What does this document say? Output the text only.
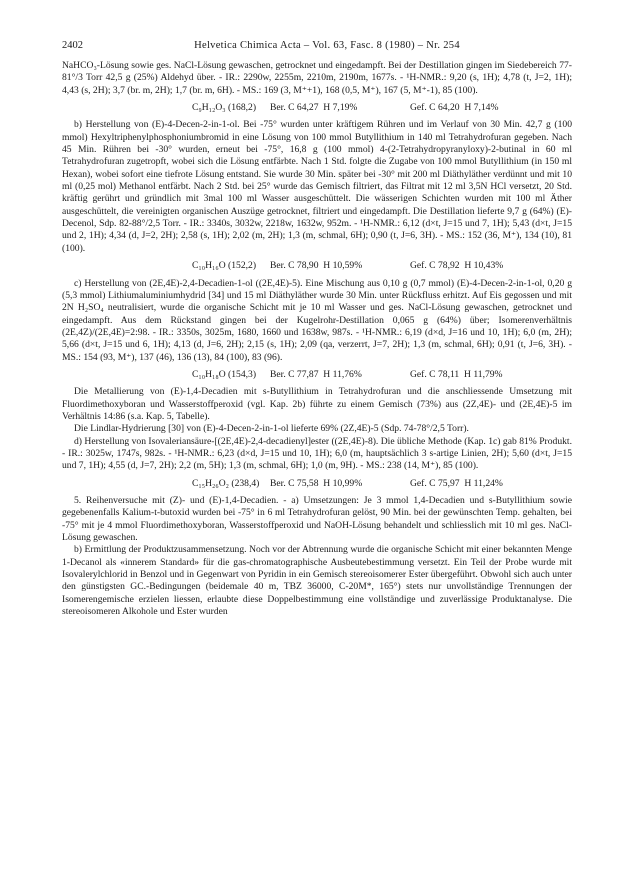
2402	Helvetica Chimica Acta – Vol. 63, Fasc. 8 (1980) – Nr. 254

NaHCO₃-Lösung sowie ges. NaCl-Lösung gewaschen, getrocknet und eingedampft. Bei der Destillation gingen im Siedebereich 77-81°/3 Torr 42,5 g (25%) Aldehyd über. - IR.: 2290w, 2255m, 2210m, 2190m, 1677s. - ¹H-NMR.: 9,20 (s, 1H); 4,78 (t, J=2, 1H); 4,43 (s, 2H); 3,7 (br. m, 2H); 1,7 (br. m, 6H). - MS.: 169 (3, M⁺+1), 168 (0,5, M⁺), 167 (5, M⁺-1), 85 (100).

C₉H₁₂O₃ (168,2) Ber. C 64,27  H 7,19%	Gef. C 64,20  H 7,14%

b) Herstellung von (E)-4-Decen-2-in-1-ol. Bei -75° wurden unter kräftigem Rühren und im Verlauf von 30 Min. 42,7 g (100 mmol) Hexyltriphenylphosphoniumbromid in eine Lösung von 100 mmol Butyllithium in 140 ml Tetrahydrofuran gegeben. Nach 45 Min. Rühren bei -30° wurden, erneut bei -75°, 16,8 g (100 mmol) 4-(2-Tetrahydropyranyloxy)-2-butinal in 60 ml Tetrahydrofuran zugetropft, wobei sich die Lösung entfärbte. Nach 1 Std. folgte die Zugabe von 100 mmol Butyllithium (in 150 ml Hexan), wobei sofort eine tiefrote Lösung entstand. Sie wurde 30 Min. später bei -30° mit 200 ml Diäthyläther verdünnt und mit 10 ml (0,25 mol) Methanol entfärbt. Nach 2 Std. bei 25° wurde das Gemisch filtriert, das Filtrat mit 12 ml 3,5N HCl versetzt, 20 Std. kräftig gerührt und gründlich mit 3mal 100 ml Wasser ausgeschüttelt. Die wässerigen Schichten wurden mit 100 ml Äther ausgeschüttelt, die vereinigten organischen Auszüge getrocknet, filtriert und eingedampft. Die Destillation lieferte 9,7 g (64%) (E)-Decenol, Sdp. 82-88°/2,5 Torr. - IR.: 3340s, 3032w, 2218w, 1632w, 952m. - ¹H-NMR.: 6,12 (d×t, J=15 und 7, 1H); 5,43 (d×t, J=15 und 2, 1H); 4,34 (d, J=2, 2H); 2,58 (s, 1H); 2,02 (m, 2H); 1,3 (m, schmal, 6H); 0,90 (t, J=6, 3H). - MS.: 152 (36, M⁺), 134 (10), 81 (100).

C₁₀H₁₆O (152,2) Ber. C 78,90  H 10,59%	Gef. C 78,92  H 10,43%

c) Herstellung von (2E,4E)-2,4-Decadien-1-ol ((2E,4E)-5). Eine Mischung aus 0,10 g (0,7 mmol) (E)-4-Decen-2-in-1-ol, 0,20 g (5,3 mmol) Lithiumaluminiumhydrid [34] und 15 ml Diäthyläther wurde 30 Min. unter Rückfluss erhitzt. Auf Eis gegossen und mit 2N H₂SO₄ neutralisiert, wurde die organische Schicht mit je 10 ml Wasser und ges. NaCl-Lösung gewaschen, getrocknet und eingedampft. Aus dem Rückstand gingen bei der Kugelrohr-Destillation 0,065 g (64%) über; Isomerenverhältnis (2E,4Z)/(2E,4E)=2:98. - IR.: 3350s, 3025m, 1680, 1660 und 1638w, 987s. - ¹H-NMR.: 6,19 (d×d, J=16 und 10, 1H); 6,0 (m, 2H); 5,66 (d×t, J=15 und 6, 1H); 4,13 (d, J=6, 2H); 2,15 (s, 1H); 2,09 (qa, verzerrt, J=7, 2H); 1,3 (m, schmal, 6H); 0,91 (t, J=6, 3H). - MS.: 154 (93, M⁺), 137 (46), 136 (13), 84 (100), 83 (96).

C₁₀H₁₈O (154,3) Ber. C 77,87  H 11,76%	Gef. C 78,11  H 11,79%

Die Metallierung von (E)-1,4-Decadien mit s-Butyllithium in Tetrahydrofuran und die anschliessende Umsetzung mit Fluordimethoxyboran und Wasserstoffperoxid (vgl. Kap. 2b) führte zu einem Gemisch (73%) aus (2Z,4E)- und (2E,4E)-5 im Verhältnis 14:86 (s.a. Kap. 5, Tabelle).

Die Lindlar-Hydrierung [30] von (E)-4-Decen-2-in-1-ol lieferte 69% (2Z,4E)-5 (Sdp. 74-78°/2,5 Torr).

d) Herstellung von Isovaleriansäure-[(2E,4E)-2,4-decadienyl]ester ((2E,4E)-8). Die übliche Methode (Kap. 1c) gab 81% Produkt. - IR.: 3025w, 1747s, 982s. - ¹H-NMR.: 6,23 (d×d, J=15 und 10, 1H); 6,0 (m, hauptsächlich 3 s-artige Linien, 2H); 5,60 (d×t, J=15 und 7, 1H); 4,55 (d, J=7, 2H); 2,2 (m, 5H); 1,3 (m, schmal, 6H); 1,0 (m, 9H). - MS.: 238 (14, M⁺), 85 (100).

C₁₅H₂₆O₂ (238,4) Ber. C 75,58  H 10,99%	Gef. C 75,97  H 11,24%

5. Reihenversuche mit (Z)- und (E)-1,4-Decadien. - a) Umsetzungen: Je 3 mmol 1,4-Decadien und s-Butyllithium sowie gegebenenfalls Kalium-t-butoxid wurden bei -75° in 6 ml Tetrahydrofuran gelöst, 90 Min. bei der gewünschten Temp. gehalten, bei -75° mit je 4 mmol Fluordimethoxyboran, Wasserstoffperoxid und NaOH-Lösung behandelt und schliesslich mit 10 ml ges. NaCl-Lösung gewaschen.

b) Ermittlung der Produktzusammensetzung. Noch vor der Abtrennung wurde die organische Schicht mit einer bekannten Menge 1-Decanol als «innerem Standard» für die gas-chromatographische Ausbeutebestimmung versetzt. Ein Teil der Probe wurde mit Isovalerylchlorid in Benzol und in Gegenwart von Pyridin in ein Gemisch stereoisomerer Ester übergeführt. Obwohl sich auch unter den günstigsten GC.-Bedingungen (beidemale 40 m, TBZ 36000, C-20M*, 165°) stets nur unvollständige Trennungen der Isomerengemische erzielen liessen, erlaubte diese Doppelbestimmung eine vollständige und zuverlässige Produktanalyse. Die stereoisomeren Alkohole und Ester wurden
